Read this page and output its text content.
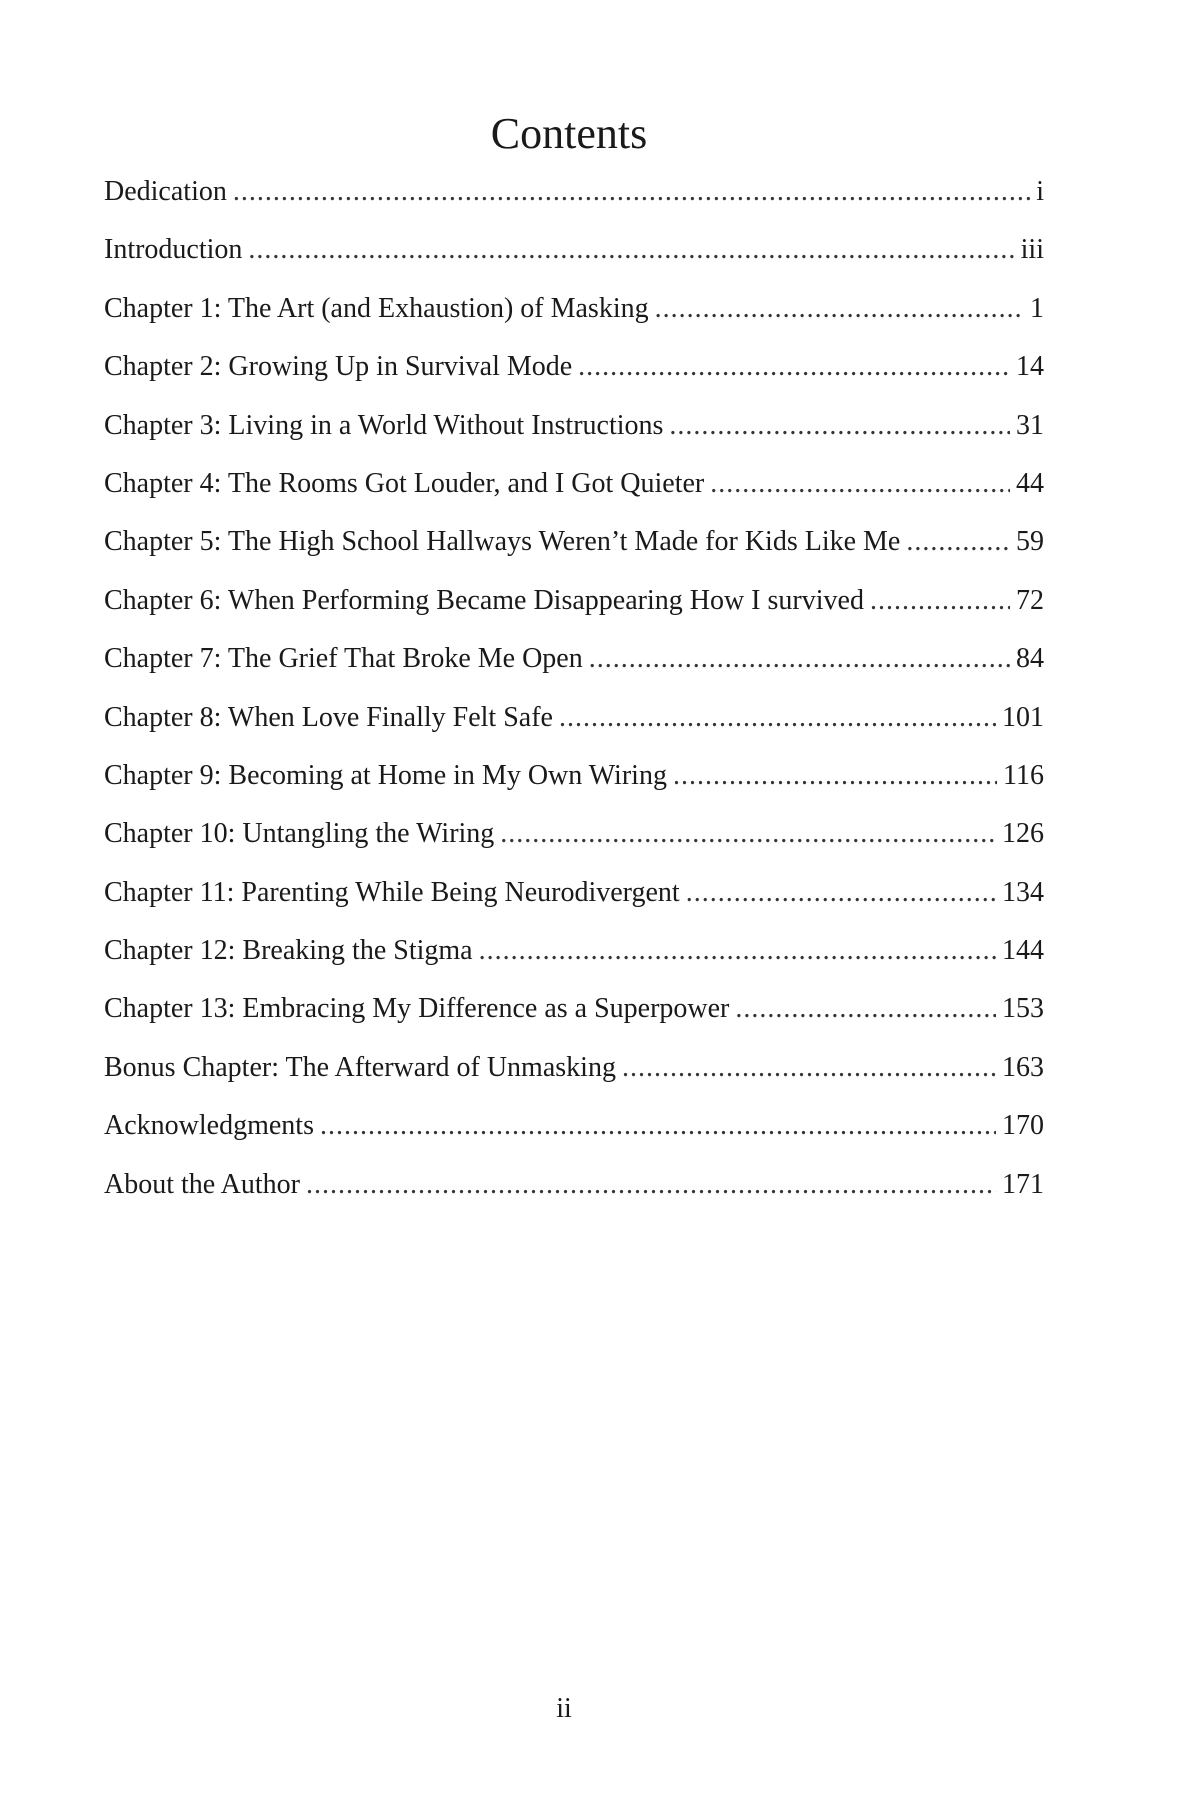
Contents
Dedication .....	i
Introduction .....	iii
Chapter 1: The Art (and Exhaustion) of Masking .....	1
Chapter 2: Growing Up in Survival Mode .....	14
Chapter 3: Living in a World Without Instructions .....	31
Chapter 4: The Rooms Got Louder, and I Got Quieter .....	44
Chapter 5: The High School Hallways Weren’t Made for Kids Like Me .....	59
Chapter 6: When Performing Became Disappearing How I survived .....	72
Chapter 7: The Grief That Broke Me Open .....	84
Chapter 8: When Love Finally Felt Safe .....	101
Chapter 9: Becoming at Home in My Own Wiring .....	116
Chapter 10: Untangling the Wiring .....	126
Chapter 11: Parenting While Being Neurodivergent .....	134
Chapter 12: Breaking the Stigma .....	144
Chapter 13: Embracing My Difference as a Superpower .....	153
Bonus Chapter: The Afterward of Unmasking .....	163
Acknowledgments .....	170
About the Author .....	171
ii
